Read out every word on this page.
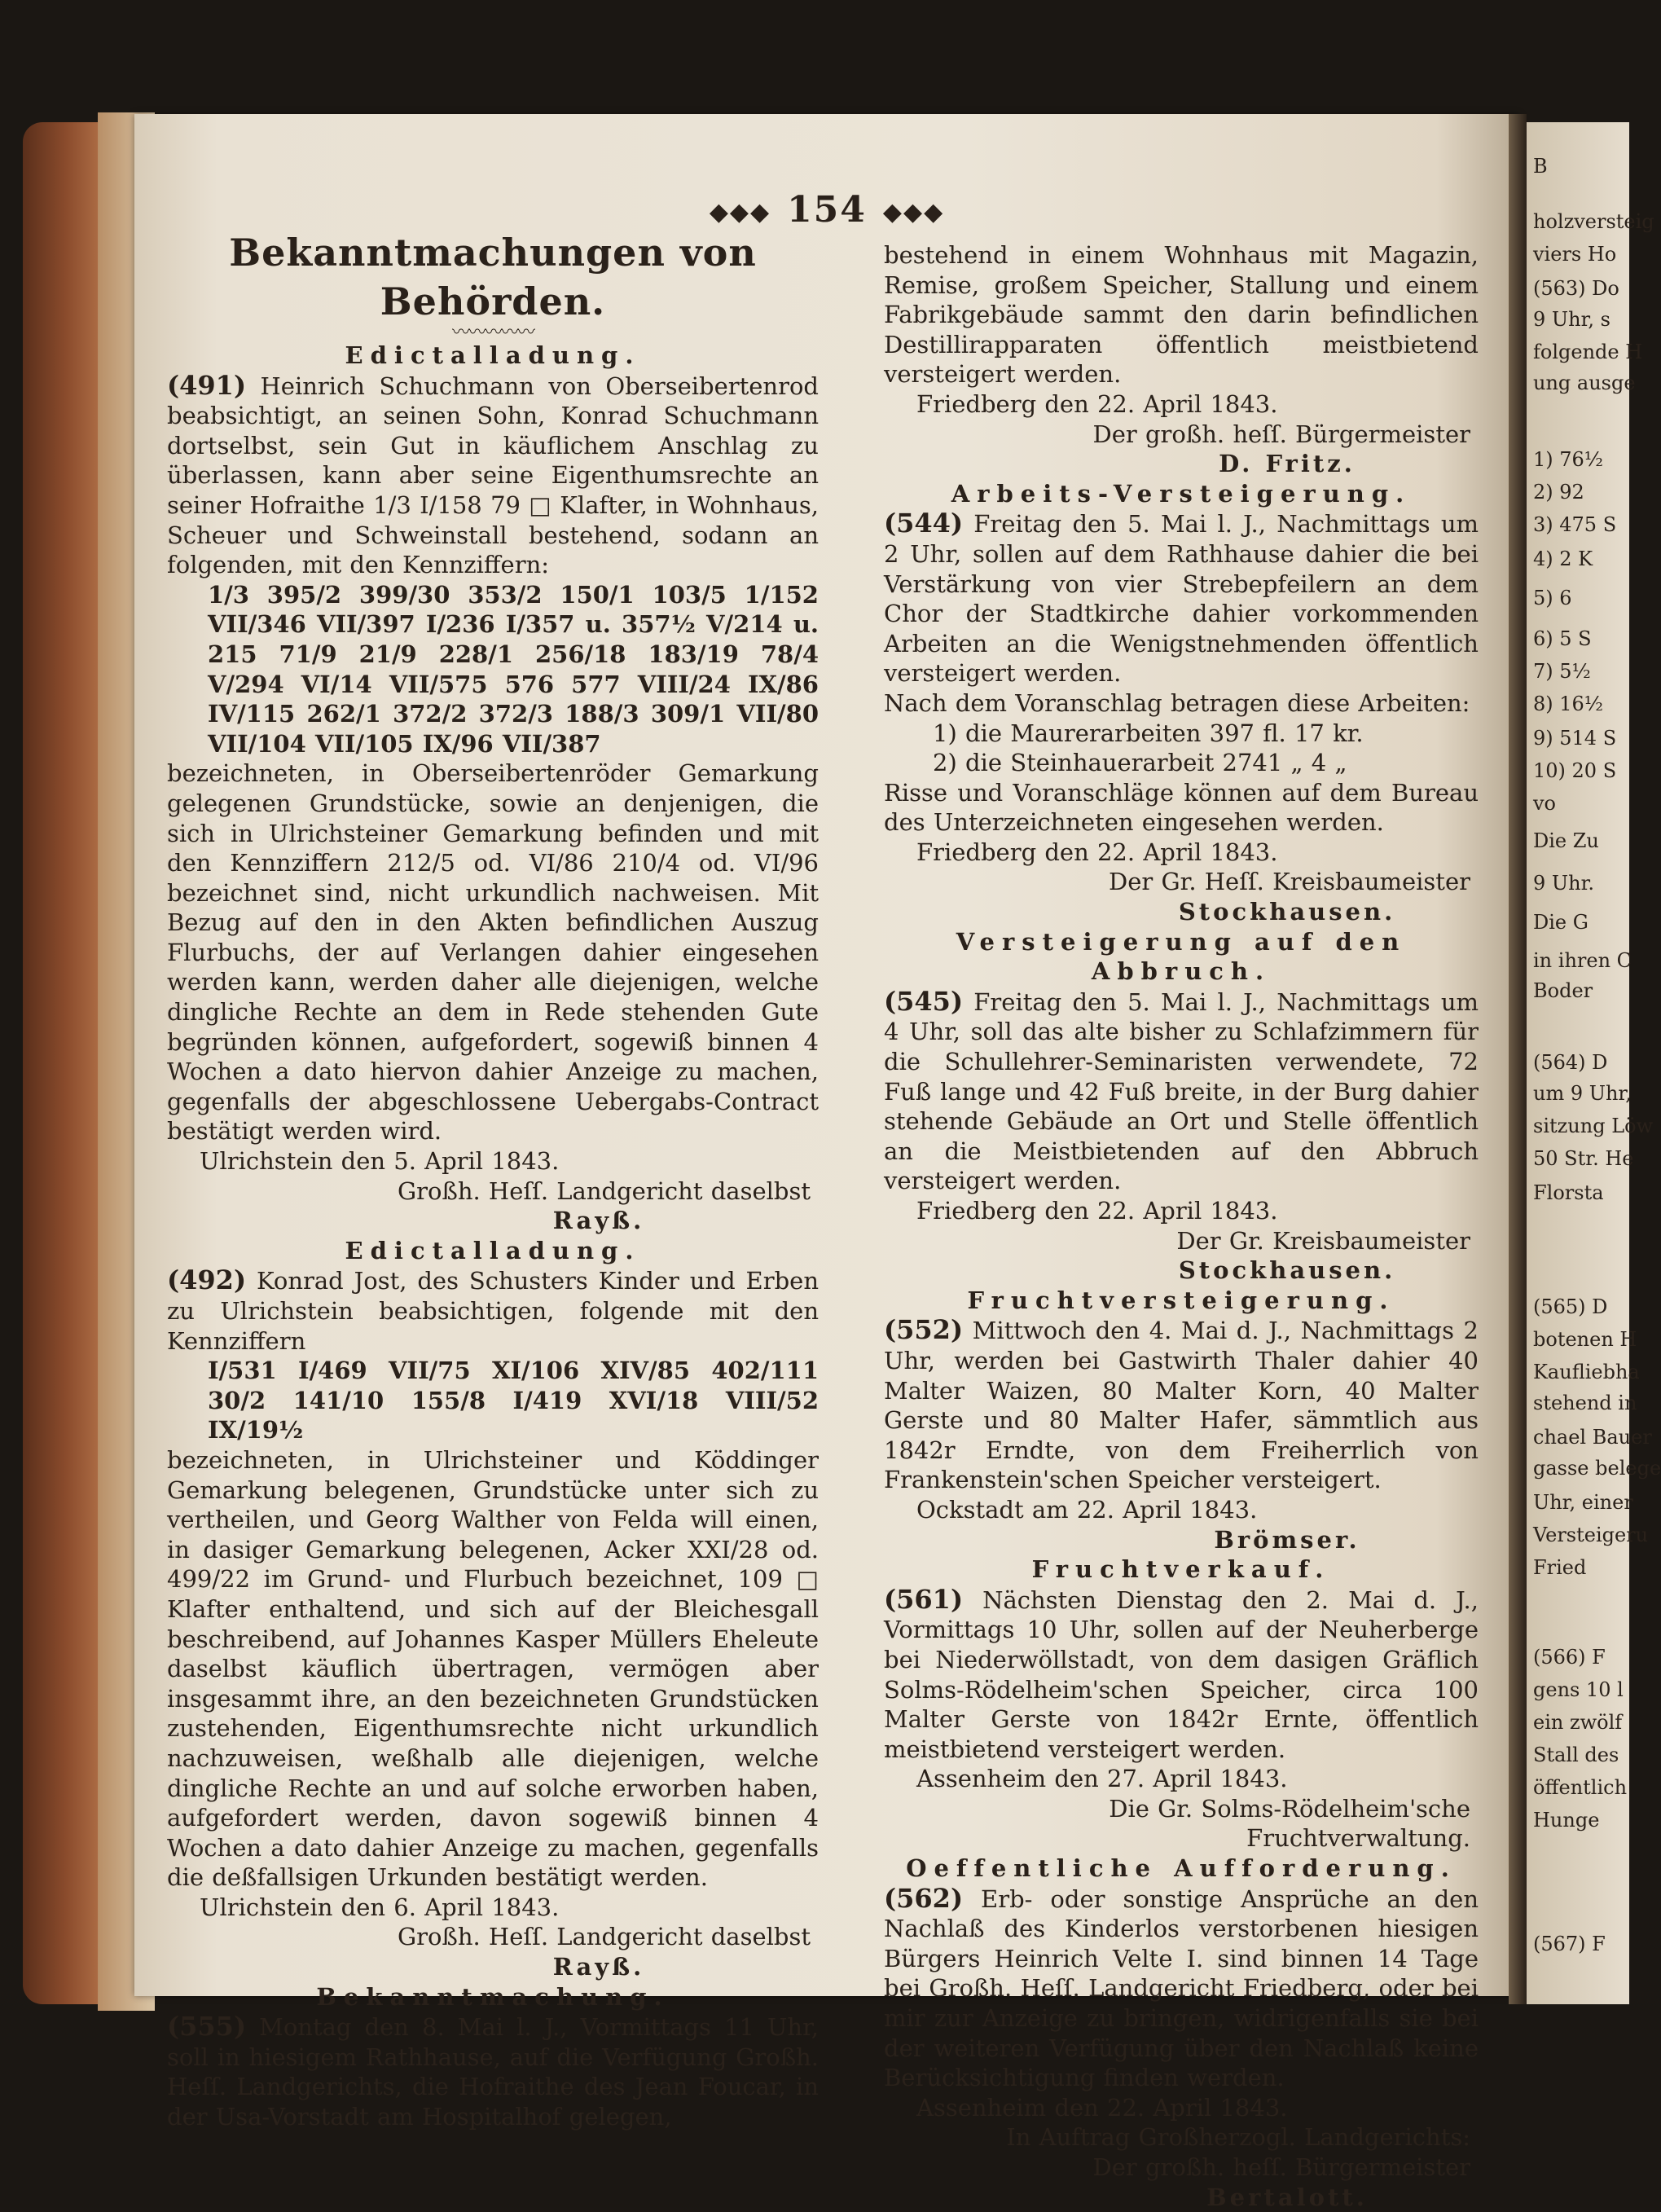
◆◆◆ 154 ◆◆◆
Bekanntmachungen von Behörden.
〰〰〰〰〰
Edictalladung.
(491) Heinrich Schuchmann von Oberseibertenrod beabsichtigt, an seinen Sohn, Konrad Schuchmann dortselbst, sein Gut in käuflichem Anschlag zu überlassen, kann aber seine Eigenthumsrechte an seiner Hofraithe 1/3 I/158 79 □ Klafter, in Wohnhaus, Scheuer und Schweinstall bestehend, sodann an folgenden, mit den Kennziffern:
1/3 395/2 399/30 353/2 150/1 103/5 1/152 VII/346 VII/397 I/236 I/357 u. 357½ V/214 u. 215 71/9 21/9 228/1 256/18 183/19 78/4 V/294 VI/14 VII/575 576 577 VIII/24 IX/86 IV/115 262/1 372/2 372/3 188/3 309/1 VII/80 VII/104 VII/105 IX/96 VII/387
bezeichneten, in Oberseibertenröder Gemarkung gelegenen Grundstücke, sowie an denjenigen, die sich in Ulrichsteiner Gemarkung befinden und mit den Kennziffern 212/5 od. VI/86 210/4 od. VI/96 bezeichnet sind, nicht urkundlich nachweisen. Mit Bezug auf den in den Akten befindlichen Auszug Flurbuchs, der auf Verlangen dahier eingesehen werden kann, werden daher alle diejenigen, welche dingliche Rechte an dem in Rede stehenden Gute begründen können, aufgefordert, sogewiß binnen 4 Wochen a dato hiervon dahier Anzeige zu machen, gegenfalls der abgeschlossene Uebergabs-Contract bestätigt werden wird.
Ulrichstein den 5. April 1843.
Großh. Heſſ. Landgericht daselbst
Rayß.
Edictalladung.
(492) Konrad Jost, des Schusters Kinder und Erben zu Ulrichstein beabsichtigen, folgende mit den Kennziffern
I/531 I/469 VII/75 XI/106 XIV/85 402/111 30/2 141/10 155/8 I/419 XVI/18 VIII/52 IX/19½
bezeichneten, in Ulrichsteiner und Köddinger Gemarkung belegenen, Grundstücke unter sich zu vertheilen, und Georg Walther von Felda will einen, in dasiger Gemarkung belegenen, Acker XXI/28 od. 499/22 im Grund- und Flurbuch bezeichnet, 109 □ Klafter enthaltend, und sich auf der Bleichesgall beschreibend, auf Johannes Kasper Müllers Eheleute daselbst käuflich übertragen, vermögen aber insgesammt ihre, an den bezeichneten Grundstücken zustehenden, Eigenthumsrechte nicht urkundlich nachzuweisen, weßhalb alle diejenigen, welche dingliche Rechte an und auf solche erworben haben, aufgefordert werden, davon sogewiß binnen 4 Wochen a dato dahier Anzeige zu machen, gegenfalls die deßfallsigen Urkunden bestätigt werden.
Ulrichstein den 6. April 1843.
Großh. Heſſ. Landgericht daselbst
Rayß.
Bekanntmachung.
(555) Montag den 8. Mai l. J., Vormittags 11 Uhr, soll in hiesigem Rathhause, auf die Verfügung Großh. Heſſ. Landgerichts, die Hofraithe des Jean Foucar, in der Usa-Vorstadt am Hospitalhof gelegen,
bestehend in einem Wohnhaus mit Magazin, Remise, großem Speicher, Stallung und einem Fabrikgebäude sammt den darin befindlichen Destillirapparaten öffentlich meistbietend versteigert werden.
Friedberg den 22. April 1843.
Der großh. heſſ. Bürgermeister
D. Fritz.
Arbeits-Versteigerung.
(544) Freitag den 5. Mai l. J., Nachmittags um 2 Uhr, sollen auf dem Rathhause dahier die bei Verstärkung von vier Strebepfeilern an dem Chor der Stadtkirche dahier vorkommenden Arbeiten an die Wenigstnehmenden öffentlich versteigert werden.
Nach dem Voranschlag betragen diese Arbeiten:
1) die Maurerarbeiten 397 fl. 17 kr.
2) die Steinhauerarbeit 2741 „ 4 „
Risse und Voranschläge können auf dem Bureau des Unterzeichneten eingesehen werden.
Friedberg den 22. April 1843.
Der Gr. Heſſ. Kreisbaumeister
Stockhausen.
Versteigerung auf den Abbruch.
(545) Freitag den 5. Mai l. J., Nachmittags um 4 Uhr, soll das alte bisher zu Schlafzimmern für die Schullehrer-Seminaristen verwendete, 72 Fuß lange und 42 Fuß breite, in der Burg dahier stehende Gebäude an Ort und Stelle öffentlich an die Meistbietenden auf den Abbruch versteigert werden.
Friedberg den 22. April 1843.
Der Gr. Kreisbaumeister
Stockhausen.
Fruchtversteigerung.
(552) Mittwoch den 4. Mai d. J., Nachmittags 2 Uhr, werden bei Gastwirth Thaler dahier 40 Malter Waizen, 80 Malter Korn, 40 Malter Gerste und 80 Malter Hafer, sämmtlich aus 1842r Erndte, von dem Freiherrlich von Frankenstein'schen Speicher versteigert.
Ockstadt am 22. April 1843.
Brömser.
Fruchtverkauf.
(561) Nächsten Dienstag den 2. Mai d. J., Vormittags 10 Uhr, sollen auf der Neuherberge bei Niederwöllstadt, von dem dasigen Gräflich Solms-Rödelheim'schen Speicher, circa 100 Malter Gerste von 1842r Ernte, öffentlich meistbietend versteigert werden.
Assenheim den 27. April 1843.
Die Gr. Solms-Rödelheim'sche Fruchtverwaltung.
Oeffentliche Aufforderung.
(562) Erb- oder sonstige Ansprüche an den Nachlaß des Kinderlos verstorbenen hiesigen Bürgers Heinrich Velte I. sind binnen 14 Tage bei Großh. Heſſ. Landgericht Friedberg, oder bei mir zur Anzeige zu bringen, widrigenfalls sie bei der weiteren Verfügung über den Nachlaß keine Berücksichtigung finden werden.
Assenheim den 22. April 1843.
In Auftrag Großherzogl. Landgerichts:
Der großh. heſſ. Bürgermeister
Bertalott.
B
holzversteig
viers Ho
(563) Do
9 Uhr, s
folgende H
ung ausge
1) 76½
2) 92
3) 475 S
4) 2 K
5) 6
6) 5 S
7) 5½
8) 16½
9) 514 S
10) 20 S
vo
Die Zu
9 Uhr.
Die G
in ihren C
Boder
(564) D
um 9 Uhr,
sitzung Löw
50 Str. He
Florsta
(565) D
botenen H
Kaufliebha
stehend in
chael Bauer
gasse belege
Uhr, einer
Versteigeru
Fried
(566) F
gens 10 l
ein zwölf
Stall des
öffentlich
Hunge
(567) F
